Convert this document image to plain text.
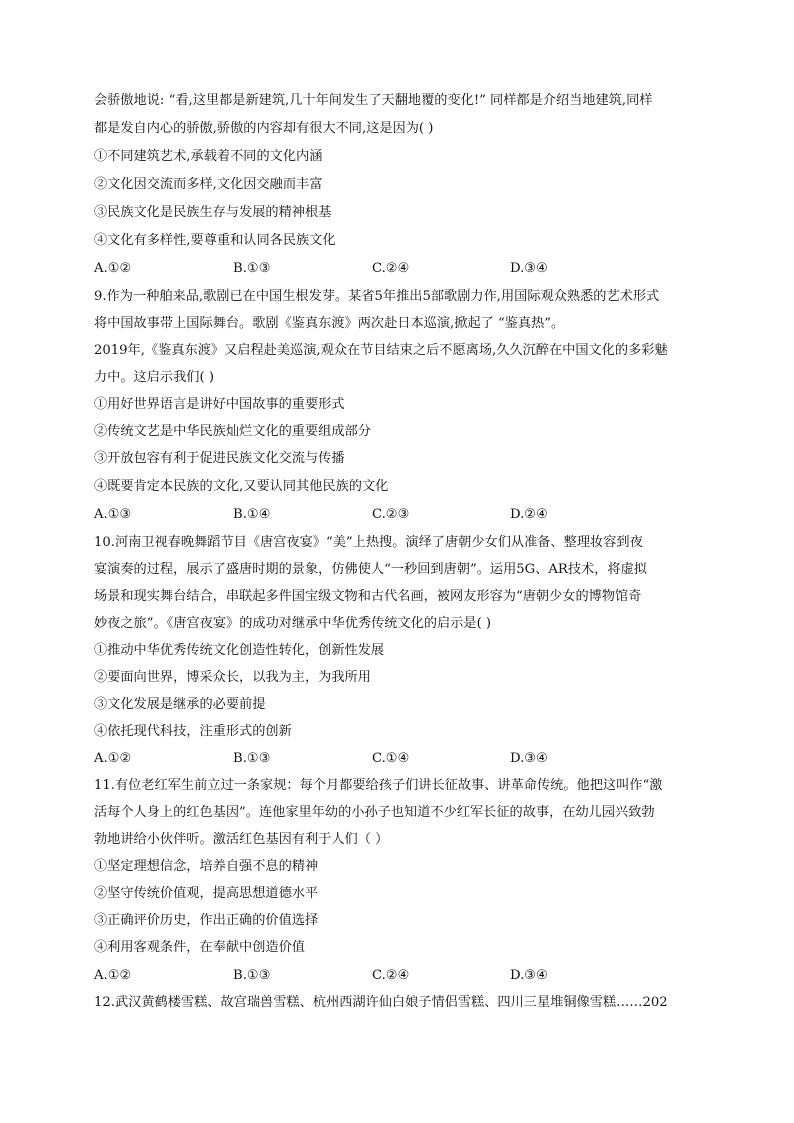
会骄傲地说: “看,这里都是新建筑,几十年间发生了天翻地覆的变化!” 同样都是介绍当地建筑,同样
都是发自内心的骄傲,骄傲的内容却有很大不同,这是因为( )
①不同建筑艺术,承载着不同的文化内涵
②文化因交流而多样,文化因交融而丰富
③民族文化是民族生存与发展的精神根基
④文化有多样性,要尊重和认同各民族文化
A.①②	B.①③	C.②④	D.③④
9.作为一种舶来品,歌剧已在中国生根发芽。某省5年推出5部歌剧力作,用国际观众熟悉的艺术形式
将中国故事带上国际舞台。歌剧《鉴真东渡》两次赴日本巡演,掀起了 “鉴真热”。
2019年,《鉴真东渡》又启程赴美巡演,观众在节目结束之后不愿离场,久久沉醉在中国文化的多彩魅
力中。这启示我们( )
①用好世界语言是讲好中国故事的重要形式
②传统文艺是中华民族灿烂文化的重要组成部分
③开放包容有利于促进民族文化交流与传播
④既要肯定本民族的文化,又要认同其他民族的文化
A.①③	B.①④	C.②③	D.②④
10.河南卫视春晚舞蹈节目《唐宫夜宴》“美”上热搜。演绎了唐朝少女们从准备、整理妆容到夜
宴演奏的过程，展示了盛唐时期的景象，仿佛使人“一秒回到唐朝”。运用5G、AR技术，将虚拟
场景和现实舞台结合，串联起多件国宝级文物和古代名画，被网友形容为“唐朝少女的博物馆奇
妙夜之旅”。《唐宫夜宴》的成功对继承中华优秀传统文化的启示是( )
①推动中华优秀传统文化创造性转化，创新性发展
②要面向世界，博采众长，以我为主，为我所用
③文化发展是继承的必要前提
④依托现代科技，注重形式的创新
A.①②	B.①③	C.①④	D.③④
11.有位老红军生前立过一条家规：每个月都要给孩子们讲长征故事、讲革命传统。他把这叫作“激
活每个人身上的红色基因”。连他家里年幼的小孙子也知道不少红军长征的故事，在幼儿园兴致勃
勃地讲给小伙伴听。激活红色基因有利于人们（ ）
①坚定理想信念，培养自强不息的精神
②坚守传统价值观，提高思想道德水平
③正确评价历史，作出正确的价值选择
④利用客观条件，在奉献中创造价值
A.①②	B.①③	C.②④	D.③④
12.武汉黄鹤楼雪糕、故宫瑞兽雪糕、杭州西湖许仙白娘子情侣雪糕、四川三星堆铜像雪糕……202
